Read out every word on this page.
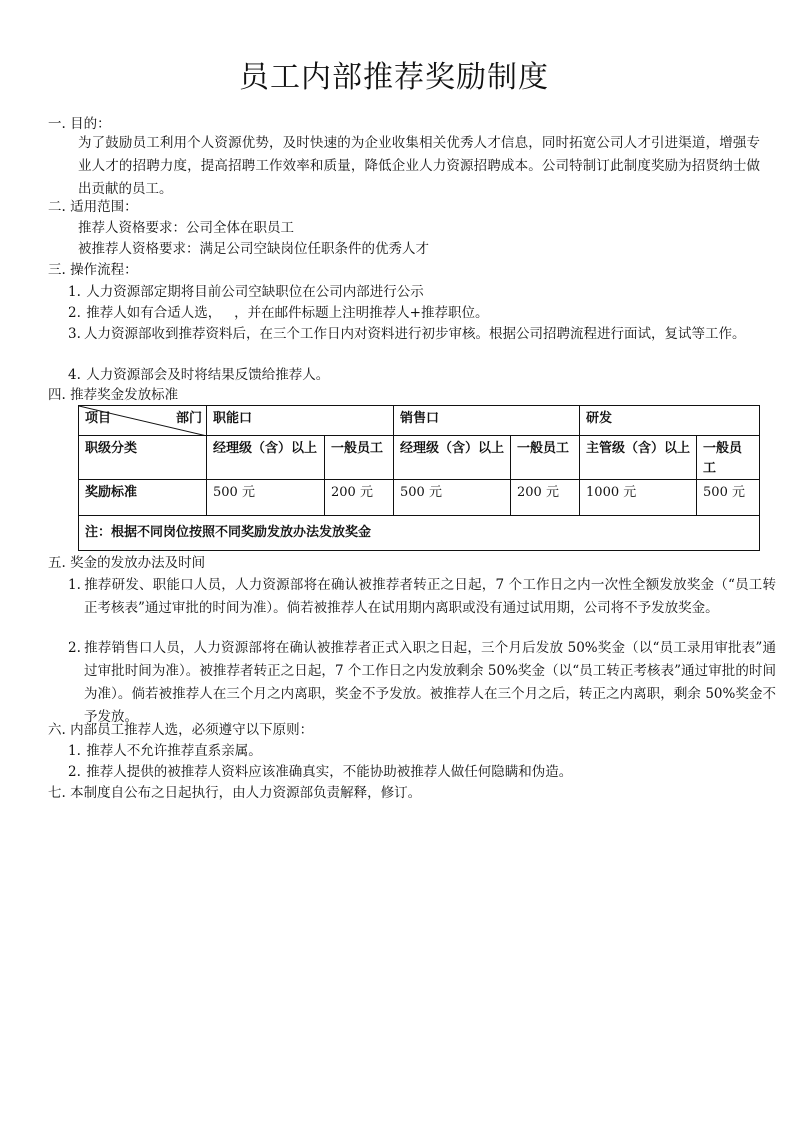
员工内部推荐奖励制度
一. 目的：
为了鼓励员工利用个人资源优势，及时快速的为企业收集相关优秀人才信息，同时拓宽公司人才引进渠道，增强专业人才的招聘力度，提高招聘工作效率和质量，降低企业人力资源招聘成本。公司特制订此制度奖励为招贤纳士做出贡献的员工。
二. 适用范围：
推荐人资格要求：公司全体在职员工
被推荐人资格要求：满足公司空缺岗位任职条件的优秀人才
三. 操作流程：
1. 人力资源部定期将目前公司空缺职位在公司内部进行公示
2. 推荐人如有合适人选，   ，并在邮件标题上注明推荐人+推荐职位。
3. 人力资源部收到推荐资料后，在三个工作日内对资料进行初步审核。根据公司招聘流程进行面试，复试等工作。
4. 人力资源部会及时将结果反馈给推荐人。
四. 推荐奖金发放标准
项目 部门	职能口		销售口		研发	
职级分类	经理级（含）以上	一般员工	经理级（含）以上	一般员工	主管级（含）以上	一般员工
奖励标准	500 元	200 元	500 元	200 元	1000 元	500 元
注：根据不同岗位按照不同奖励发放办法发放奖金						
五. 奖金的发放办法及时间
1. 推荐研发、职能口人员，人力资源部将在确认被推荐者转正之日起，7 个工作日之内一次性全额发放奖金（“员工转正考核表”通过审批的时间为准）。倘若被推荐人在试用期内离职或没有通过试用期，公司将不予发放奖金。
2. 推荐销售口人员，人力资源部将在确认被推荐者正式入职之日起，三个月后发放 50%奖金（以“员工录用审批表”通过审批时间为准）。被推荐者转正之日起，7 个工作日之内发放剩余 50%奖金（以“员工转正考核表”通过审批的时间为准）。倘若被推荐人在三个月之内离职，奖金不予发放。被推荐人在三个月之后，转正之内离职，剩余 50%奖金不予发放。
六. 内部员工推荐人选，必须遵守以下原则：
1. 推荐人不允许推荐直系亲属。
2. 推荐人提供的被推荐人资料应该准确真实，不能协助被推荐人做任何隐瞒和伪造。
七. 本制度自公布之日起执行，由人力资源部负责解释，修订。
